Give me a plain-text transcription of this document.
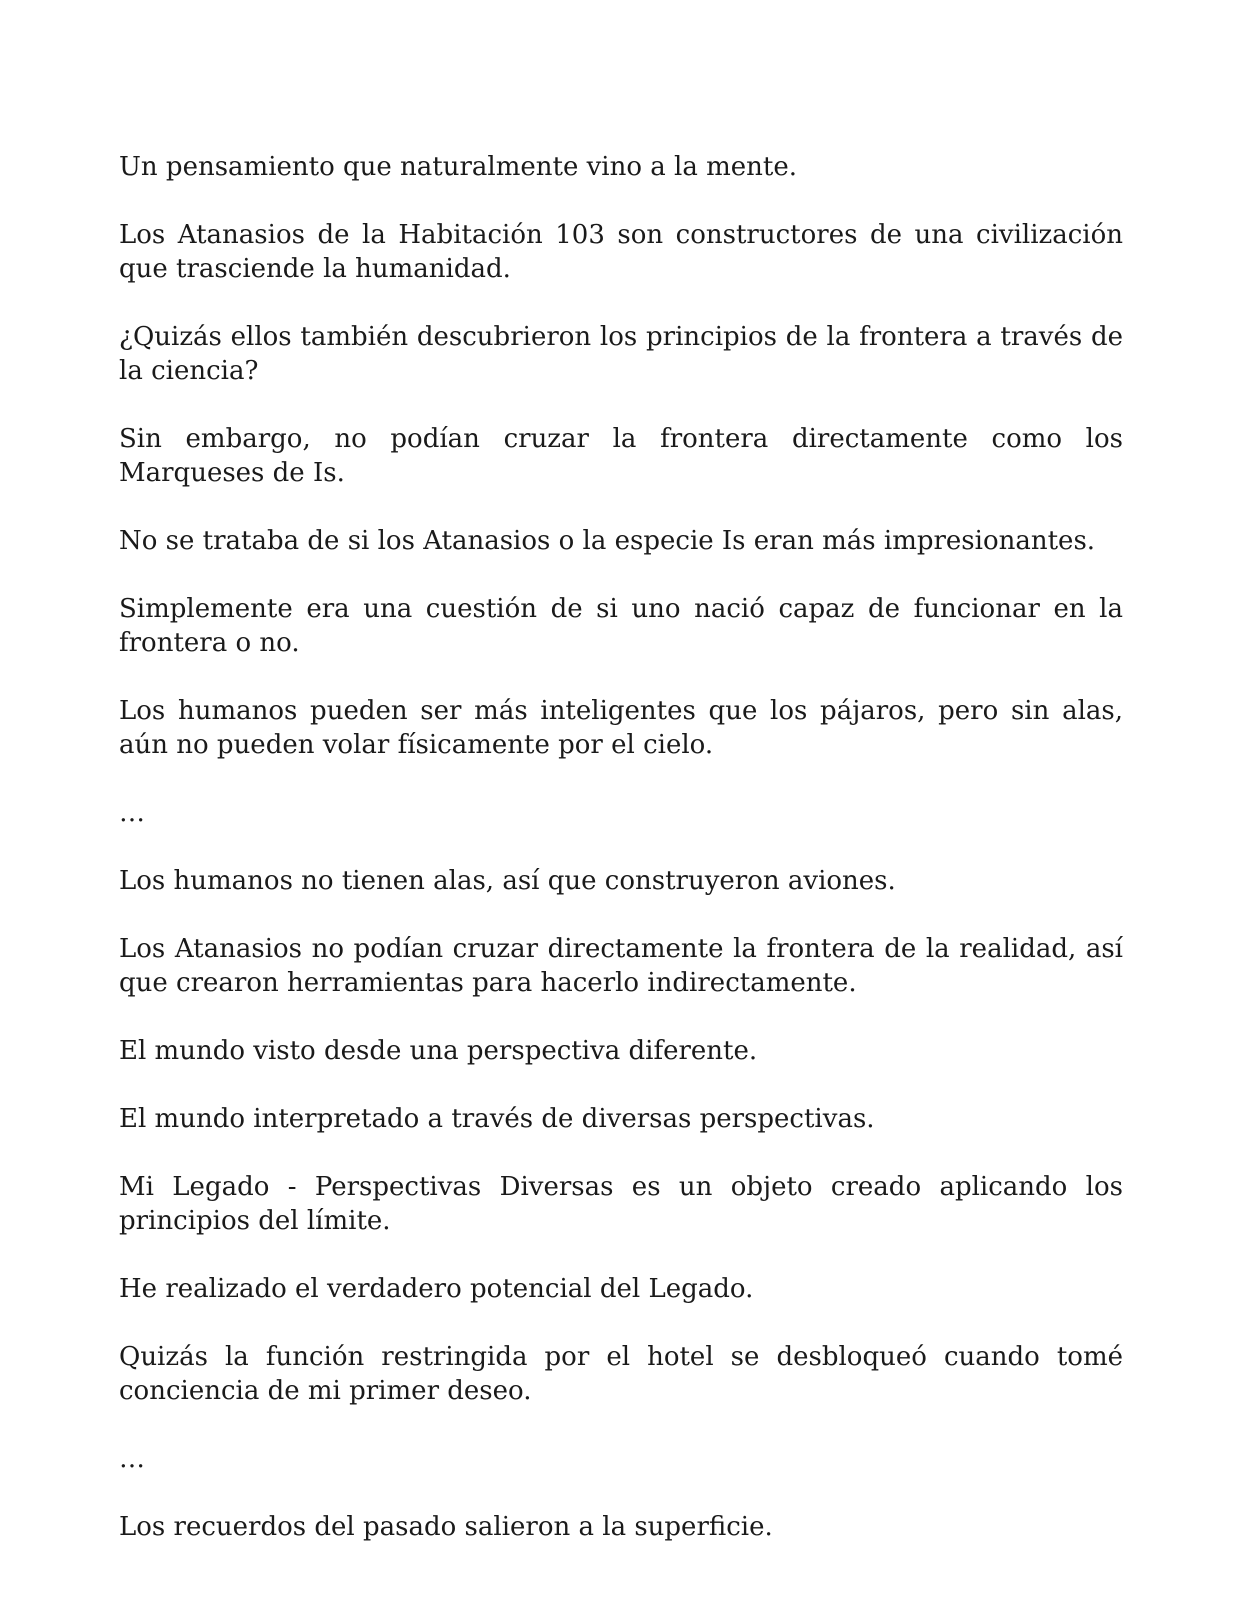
Un pensamiento que naturalmente vino a la mente.

Los Atanasios de la Habitación 103 son constructores de una civilización que trasciende la humanidad.

¿Quizás ellos también descubrieron los principios de la frontera a través de la ciencia?

Sin embargo, no podían cruzar la frontera directamente como los Marqueses de Is.

No se trataba de si los Atanasios o la especie Is eran más impresionantes.

Simplemente era una cuestión de si uno nació capaz de funcionar en la frontera o no.

Los humanos pueden ser más inteligentes que los pájaros, pero sin alas, aún no pueden volar físicamente por el cielo.

…

Los humanos no tienen alas, así que construyeron aviones.

Los Atanasios no podían cruzar directamente la frontera de la realidad, así que crearon herramientas para hacerlo indirectamente.

El mundo visto desde una perspectiva diferente.

El mundo interpretado a través de diversas perspectivas.

Mi Legado - Perspectivas Diversas es un objeto creado aplicando los principios del límite.

He realizado el verdadero potencial del Legado.

Quizás la función restringida por el hotel se desbloqueó cuando tomé conciencia de mi primer deseo.

…

Los recuerdos del pasado salieron a la superficie.
